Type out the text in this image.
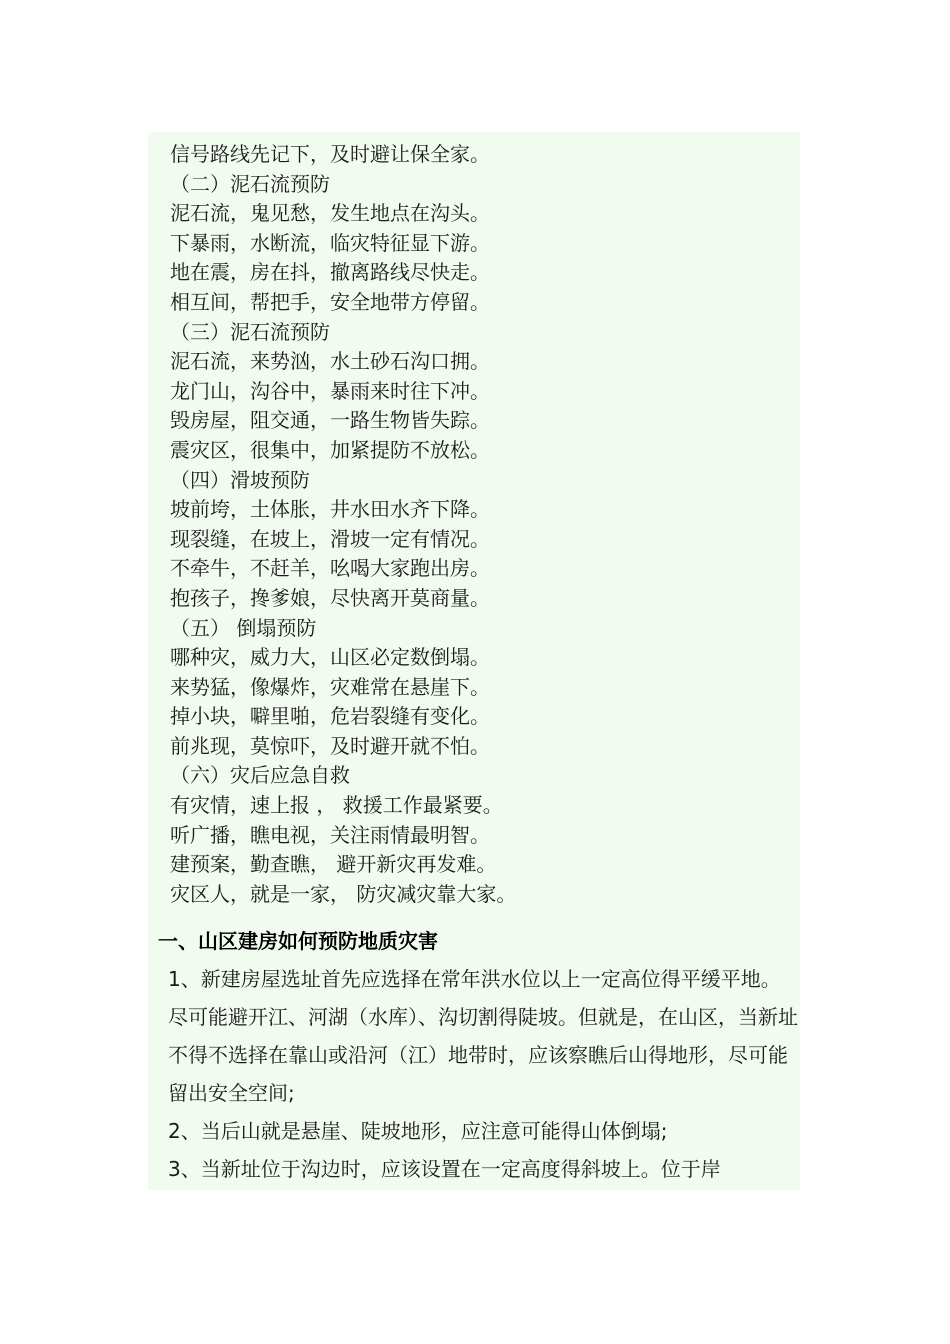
信号路线先记下，及时避让保全家。
（二）泥石流预防
泥石流，鬼见愁，发生地点在沟头。
下暴雨，水断流，临灾特征显下游。
地在震，房在抖，撤离路线尽快走。
相互间，帮把手，安全地带方停留。
（三）泥石流预防
泥石流，来势汹，水土砂石沟口拥。
龙门山，沟谷中，暴雨来时往下冲。
毁房屋，阻交通，一路生物皆失踪。
震灾区，很集中，加紧提防不放松。
（四）滑坡预防
坡前垮，土体胀，井水田水齐下降。
现裂缝，在坡上，滑坡一定有情况。
不牵牛，不赶羊，吆喝大家跑出房。
抱孩子，搀爹娘，尽快离开莫商量。
（五） 倒塌预防
哪种灾，威力大，山区必定数倒塌。
来势猛，像爆炸，灾难常在悬崖下。
掉小块，噼里啪，危岩裂缝有变化。
前兆现，莫惊吓，及时避开就不怕。
（六）灾后应急自救
有灾情，速上报 ， 救援工作最紧要。
听广播，瞧电视，关注雨情最明智。
建预案，勤查瞧， 避开新灾再发难。
灾区人，就是一家， 防灾减灾靠大家。
一、山区建房如何预防地质灾害

1、新建房屋选址首先应选择在常年洪水位以上一定高位得平缓平地。尽可能避开江、河湖（水库）、沟切割得陡坡。但就是，在山区，当新址不得不选择在靠山或沿河（江）地带时，应该察瞧后山得地形，尽可能留出安全空间;

2、当后山就是悬崖、陡坡地形，应注意可能得山体倒塌;

3、当新址位于沟边时，应该设置在一定高度得斜坡上。位于岸
